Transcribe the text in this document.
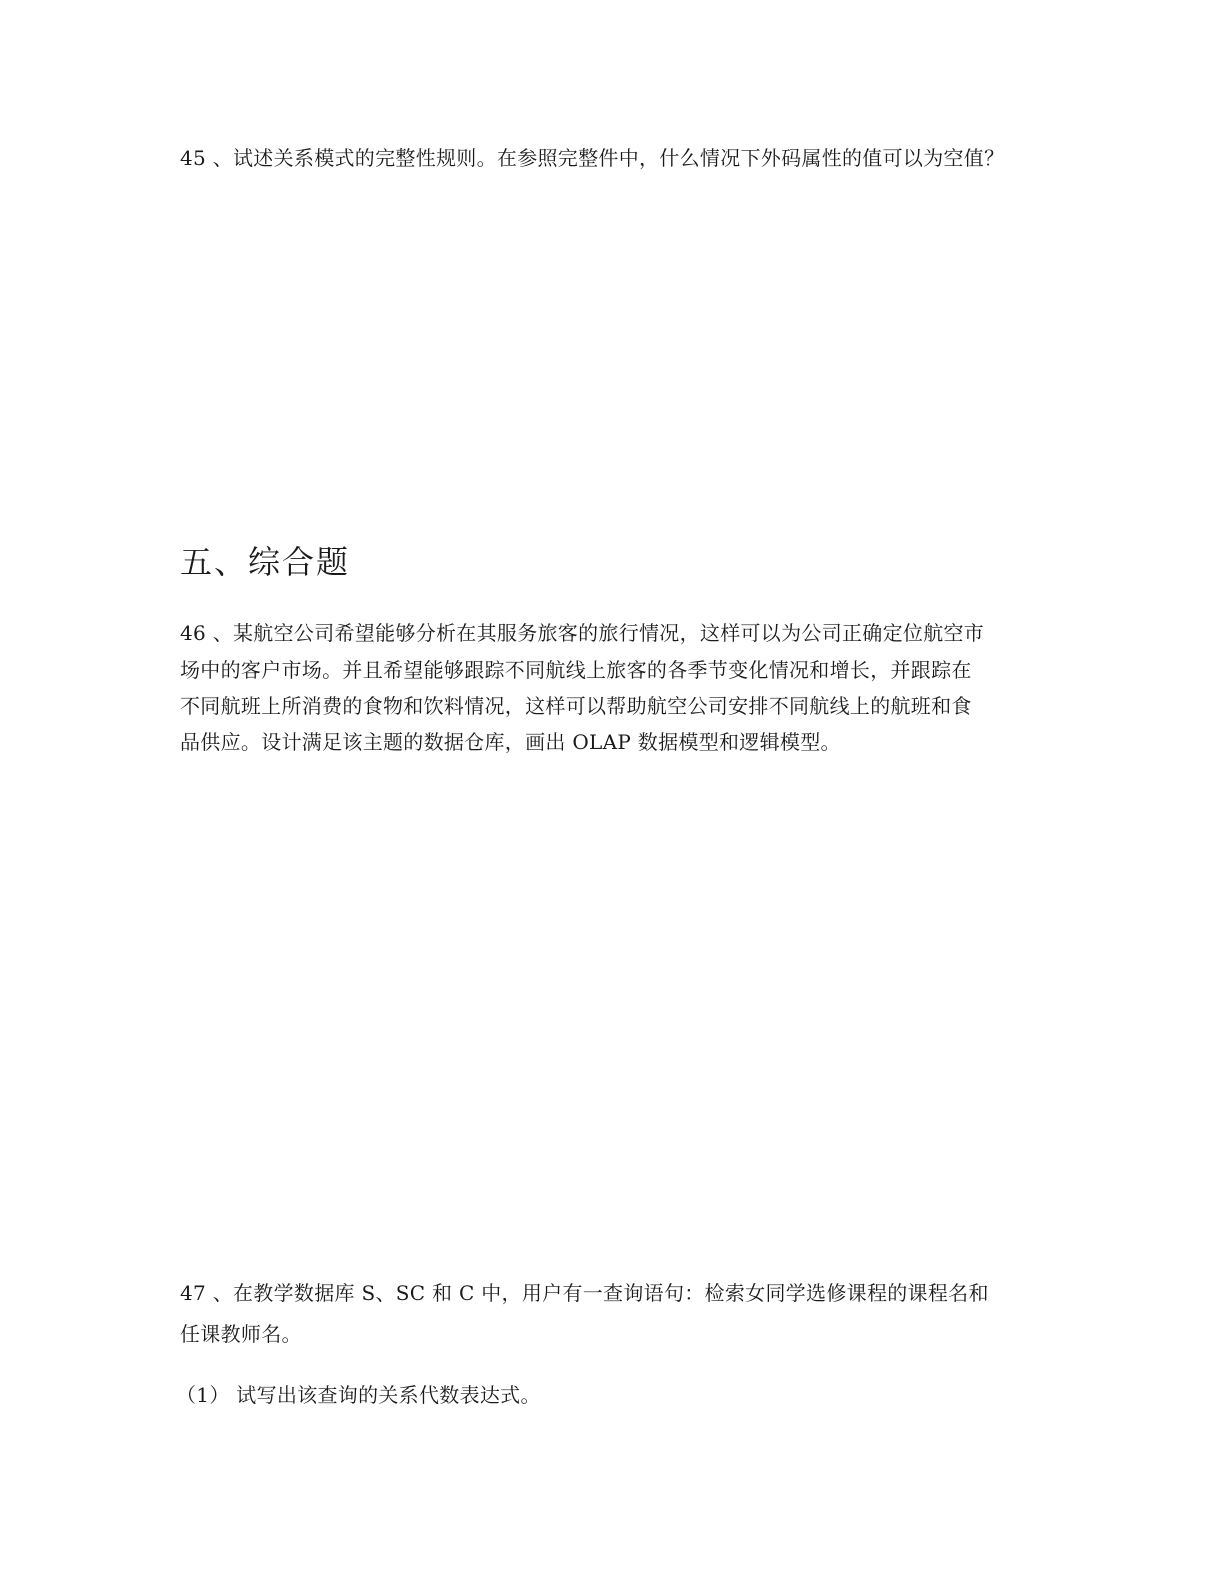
45 、试述关系模式的完整性规则。在参照完整件中，什么情况下外码属性的值可以为空值？
五、综合题
46 、某航空公司希望能够分析在其服务旅客的旅行情况，这样可以为公司正确定位航空市
场中的客户市场。并且希望能够跟踪不同航线上旅客的各季节变化情况和增长，并跟踪在
不同航班上所消费的食物和饮料情况，这样可以帮助航空公司安排不同航线上的航班和食
品供应。设计满足该主题的数据仓库，画出 OLAP 数据模型和逻辑模型。
47 、在教学数据库 S、SC 和 C 中，用户有一查询语句：检索女同学选修课程的课程名和
任课教师名。
（1） 试写出该查询的关系代数表达式。
